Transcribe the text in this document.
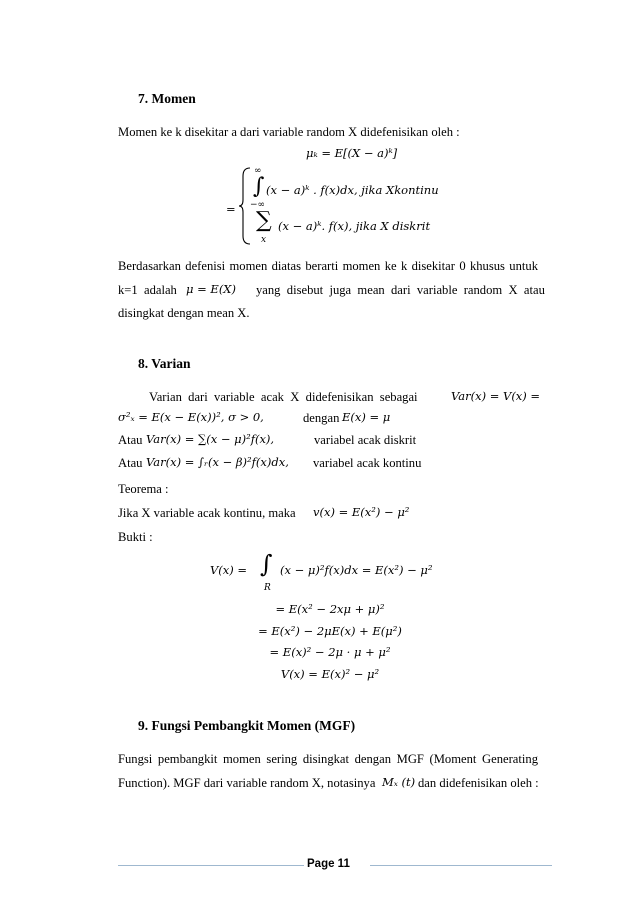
7. Momen
Momen ke k disekitar a dari variable random X didefenisikan oleh :
μₖ = E[(X − a)ᵏ]
=
∞
∫
−∞
(x − a)ᵏ . f(x)dx, jika Xkontinu
∑
x
(x − a)ᵏ. f(x), jika X diskrit
Berdasarkan defenisi momen diatas berarti momen ke k disekitar 0 khusus untuk
k=1  adalah μ = E(X) yang  disebut  juga  mean  dari  variable  random  X  atau
disingkat dengan mean X.
8. Varian
Varian  dari  variable  acak  X  didefenisikan  sebagai	Var(x) = V(x) =
σ²ₓ = E(x − E(x))², σ > 0,	dengan E(x) = μ
Atau Var(x) = ∑(x − μ)²f(x),	variabel acak diskrit
Atau Var(x) = ∫ᵣ(x − β)²f(x)dx, variabel acak kontinu
Teorema :
Jika X variable acak kontinu, maka v(x) = E(x²) − μ²
Bukti :
V(x) = ∫
R
(x − μ)²f(x)dx = E(x²) − μ²
= E(x² − 2xμ + μ)²
= E(x²) − 2μE(x) + E(μ²)
= E(x)² − 2μ · μ + μ²
V(x) = E(x)² − μ²
9. Fungsi Pembangkit Momen (MGF)
Fungsi pembangkit momen sering disingkat dengan MGF (Moment Generating
Function). MGF dari variable random X, notasinya Mₓ (t) dan didefenisikan oleh :
Page 11
